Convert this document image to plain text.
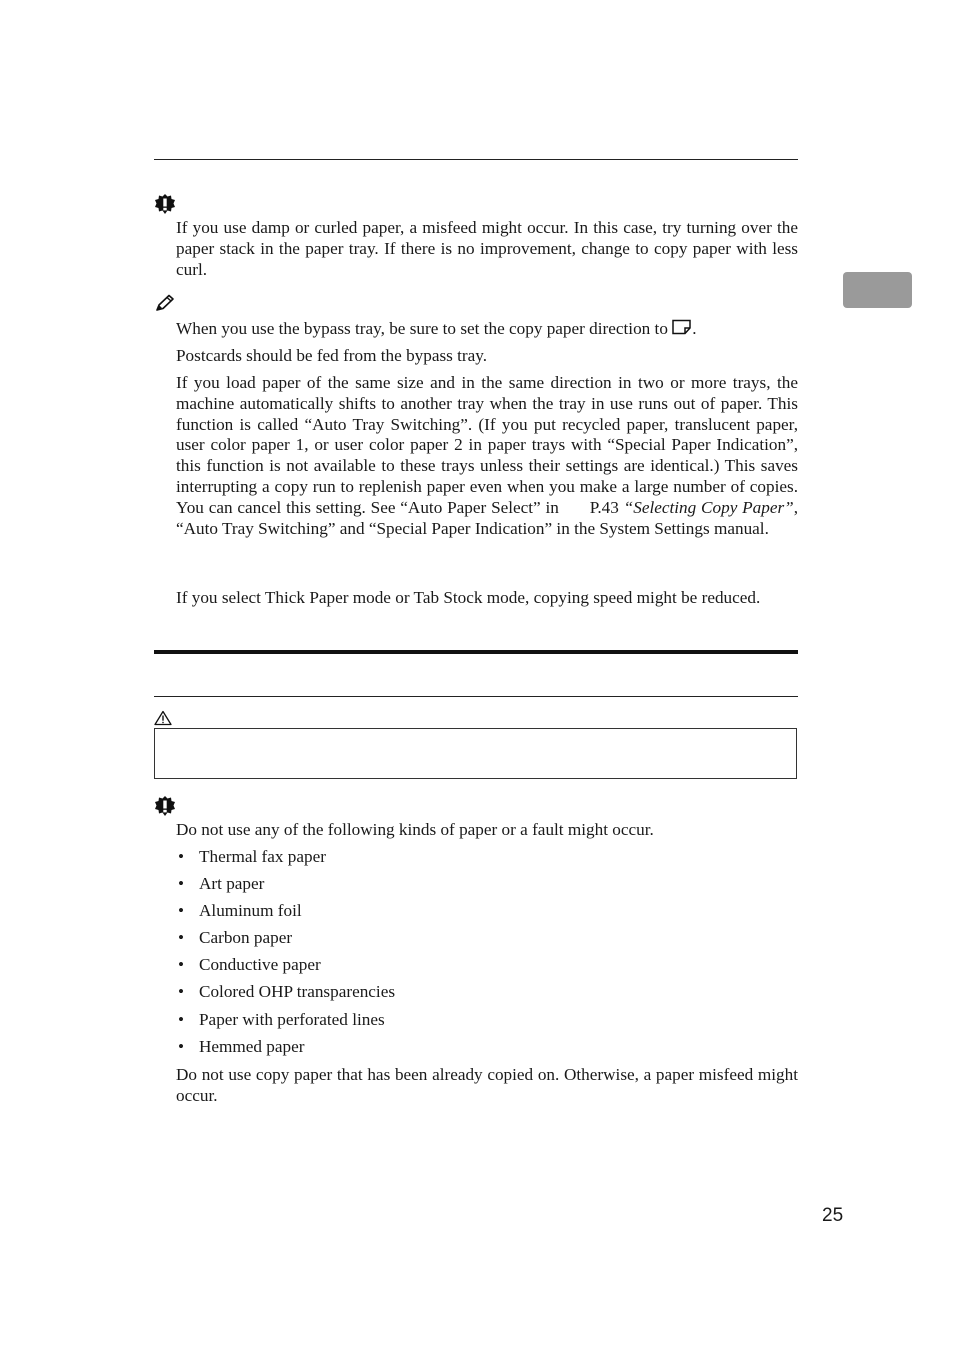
If you use damp or curled paper, a misfeed might occur. In this case, try turning over the paper stack in the paper tray. If there is no improvement, change to copy paper with less curl.

When you use the bypass tray, be sure to set the copy paper direction to .

Postcards should be fed from the bypass tray.

If you load paper of the same size and in the same direction in two or more trays, the machine automatically shifts to another tray when the tray in use runs out of paper. This function is called “Auto Tray Switching”. (If you put recycled paper, translucent paper, user color paper 1, or user color paper 2 in paper trays with “Special Paper Indication”, this function is not available to these trays unless their settings are identical.) This saves interrupting a copy run to replenish paper even when you make a large number of copies. You can cancel this setting. See “Auto Paper Select” in P.43 “Selecting Copy Paper”, “Auto Tray Switching” and “Special Paper Indication” in the System Settings manual.

If you select Thick Paper mode or Tab Stock mode, copying speed might be reduced.

Do not use any of the following kinds of paper or a fault might occur.

• Thermal fax paper
• Art paper
• Aluminum foil
• Carbon paper
• Conductive paper
• Colored OHP transparencies
• Paper with perforated lines
• Hemmed paper

Do not use copy paper that has been already copied on. Otherwise, a paper misfeed might occur.

25
